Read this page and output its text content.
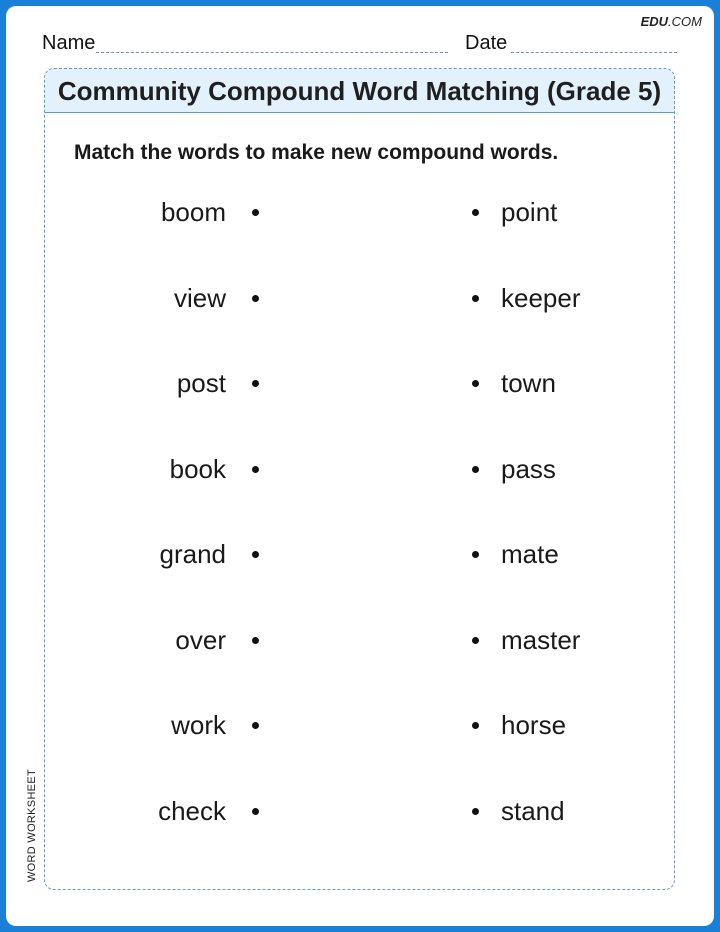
EDU.COM
Name	Date
Community Compound Word Matching (Grade 5)
Match the words to make new compound words.
boom	point
view	keeper
post	town
book	pass
grand	mate
over	master
work	horse
check	stand
WORD WORKSHEET
